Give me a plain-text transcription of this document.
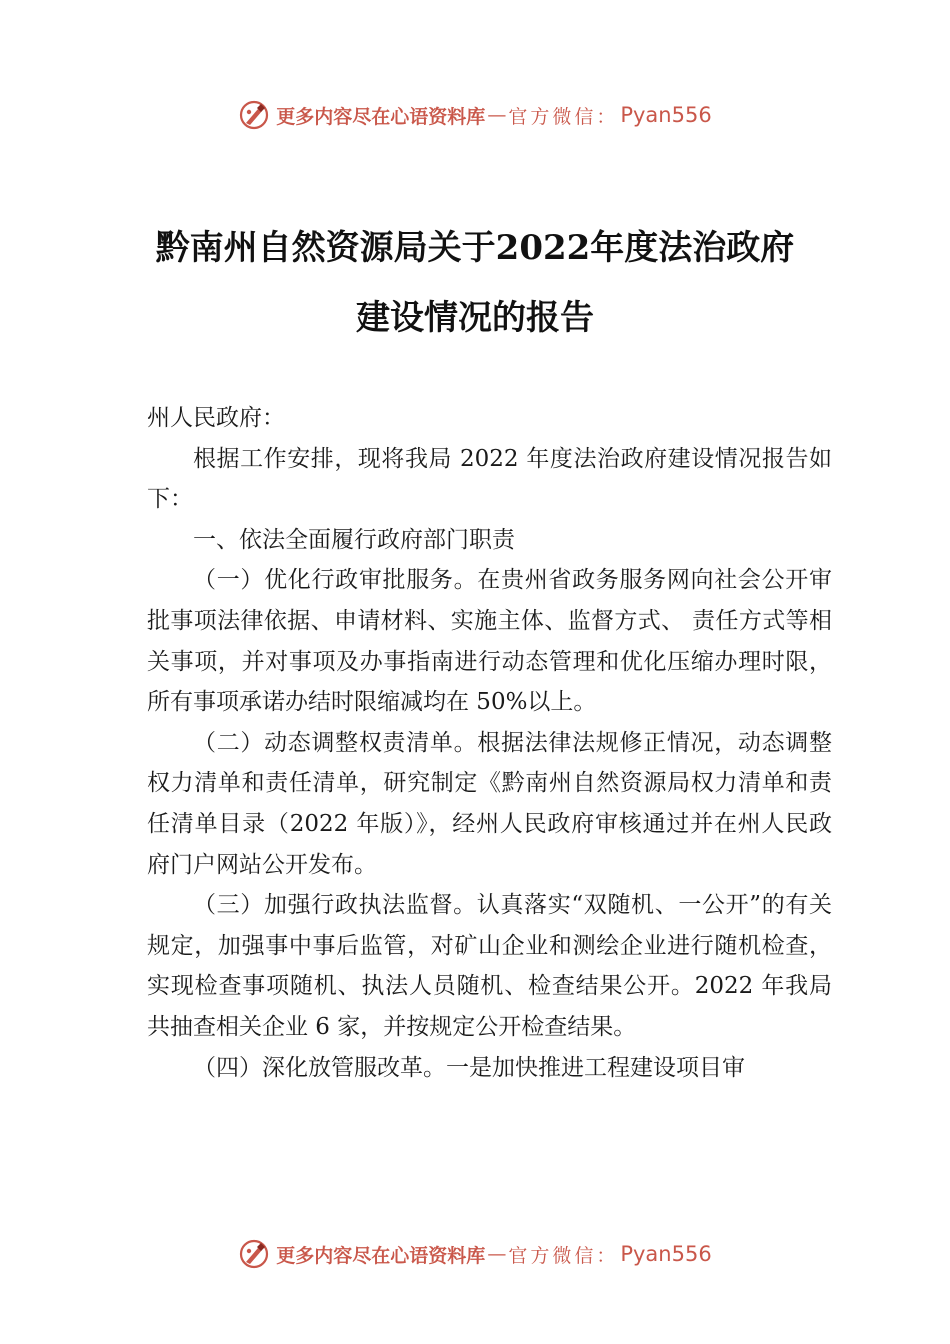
更多内容尽在心语资料库 — 官方微信： Pyan556
黔南州自然资源局关于2022年度法治政府
建设情况的报告

州人民政府：

根据工作安排，现将我局 2022 年度法治政府建设情况报告如下：

一、依法全面履行政府部门职责

（一）优化行政审批服务。在贵州省政务服务网向社会公开审批事项法律依据、申请材料、实施主体、监督方式、 责任方式等相关事项，并对事项及办事指南进行动态管理和优化压缩办理时限，所有事项承诺办结时限缩减均在 50%以上。

（二）动态调整权责清单。根据法律法规修正情况，动态调整权力清单和责任清单，研究制定《黔南州自然资源局权力清单和责任清单目录（2022 年版）》，经州人民政府审核通过并在州人民政府门户网站公开发布。

（三）加强行政执法监督。认真落实“双随机、一公开”的有关规定，加强事中事后监管，对矿山企业和测绘企业进行随机检查，实现检查事项随机、执法人员随机、检查结果公开。2022 年我局共抽查相关企业 6 家，并按规定公开检查结果。

（四）深化放管服改革。一是加快推进工程建设项目审

更多内容尽在心语资料库 — 官方微信： Pyan556
